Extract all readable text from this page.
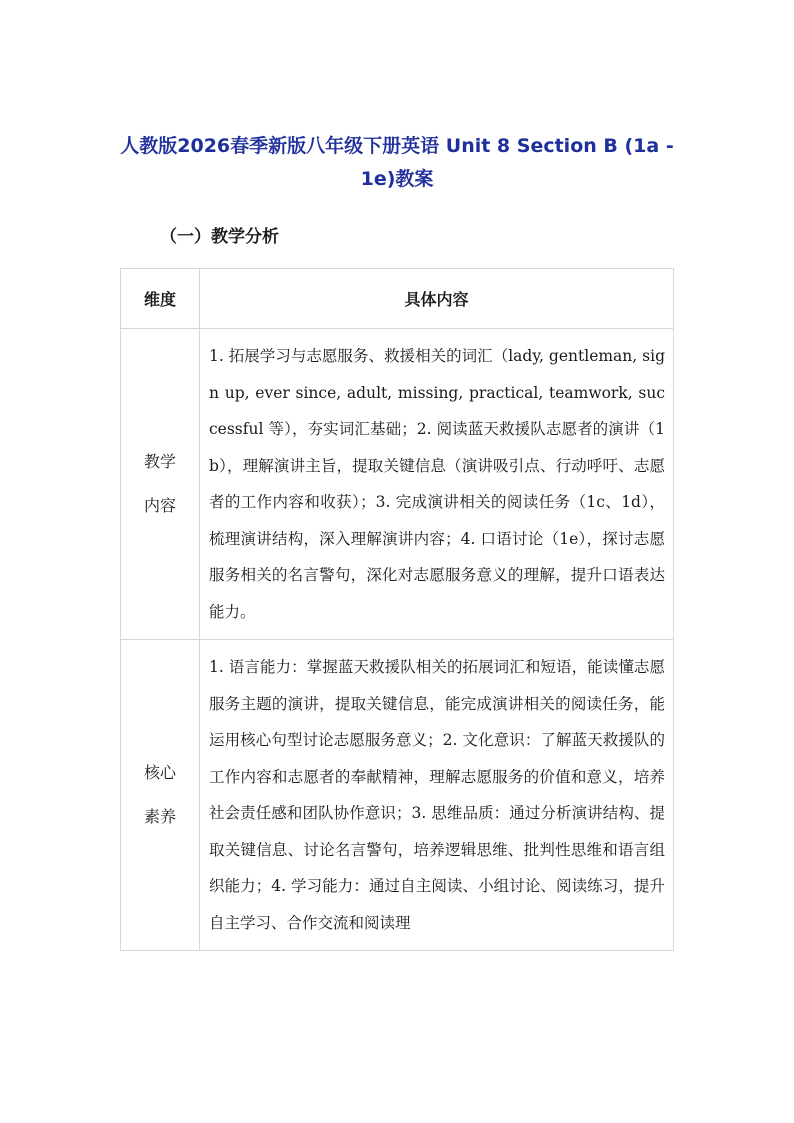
人教版2026春季新版八年级下册英语 Unit 8 Section B (1a - 1e)教案
（一）教学分析
维度	具体内容
教学内容	1. 拓展学习与志愿服务、救援相关的词汇（lady, gentleman, sign up, ever since, adult, missing, practical, teamwork, successful 等），夯实词汇基础；2. 阅读蓝天救援队志愿者的演讲（1b），理解演讲主旨，提取关键信息（演讲吸引点、行动呼吁、志愿者的工作内容和收获）；3. 完成演讲相关的阅读任务（1c、1d），梳理演讲结构，深入理解演讲内容；4. 口语讨论（1e），探讨志愿服务相关的名言警句，深化对志愿服务意义的理解，提升口语表达能力。
核心素养	1. 语言能力：掌握蓝天救援队相关的拓展词汇和短语，能读懂志愿服务主题的演讲，提取关键信息，能完成演讲相关的阅读任务，能运用核心句型讨论志愿服务意义；2. 文化意识：了解蓝天救援队的工作内容和志愿者的奉献精神，理解志愿服务的价值和意义，培养社会责任感和团队协作意识；3. 思维品质：通过分析演讲结构、提取关键信息、讨论名言警句，培养逻辑思维、批判性思维和语言组织能力；4. 学习能力：通过自主阅读、小组讨论、阅读练习，提升自主学习、合作交流和阅读理
